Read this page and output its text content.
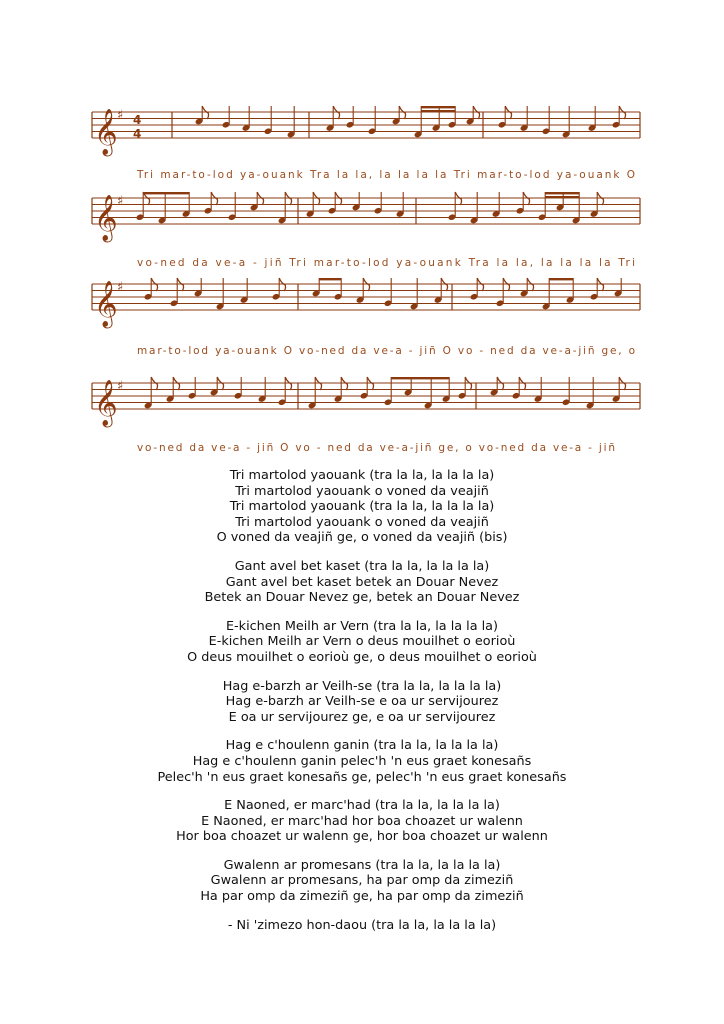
𝄞 ♯ 4
4
Tri mar-to-lod ya-ouank Tra la la, la la la la Tri mar-to-lod ya-ouank O
𝄞 ♯
vo-ned da ve-a - jiñ Tri mar-to-lod ya-ouank Tra la la, la la la la Tri
𝄞 ♯
mar-to-lod ya-ouank O vo-ned da ve-a - jiñ O vo - ned da ve-a-jiñ ge, o
𝄞 ♯
vo-ned da ve-a - jiñ O vo - ned da ve-a-jiñ ge, o vo-ned da ve-a - jiñ
Tri martolod yaouank (tra la la, la la la la)
Tri martolod yaouank o voned da veajiñ
Tri martolod yaouank (tra la la, la la la la)
Tri martolod yaouank o voned da veajiñ
O voned da veajiñ ge, o voned da veajiñ (bis)
Gant avel bet kaset (tra la la, la la la la)
Gant avel bet kaset betek an Douar Nevez
Betek an Douar Nevez ge, betek an Douar Nevez
E-kichen Meilh ar Vern (tra la la, la la la la)
E-kichen Meilh ar Vern o deus mouilhet o eorioù
O deus mouilhet o eorioù ge, o deus mouilhet o eorioù
Hag e-barzh ar Veilh-se (tra la la, la la la la)
Hag e-barzh ar Veilh-se e oa ur servijourez
E oa ur servijourez ge, e oa ur servijourez
Hag e c'houlenn ganin (tra la la, la la la la)
Hag e c'houlenn ganin pelec'h 'n eus graet konesañs
Pelec'h 'n eus graet konesañs ge, pelec'h 'n eus graet konesañs
E Naoned, er marc'had (tra la la, la la la la)
E Naoned, er marc'had hor boa choazet ur walenn
Hor boa choazet ur walenn ge, hor boa choazet ur walenn
Gwalenn ar promesans (tra la la, la la la la)
Gwalenn ar promesans, ha par omp da zimeziñ
Ha par omp da zimeziñ ge, ha par omp da zimeziñ
- Ni 'zimezo hon-daou (tra la la, la la la la)
